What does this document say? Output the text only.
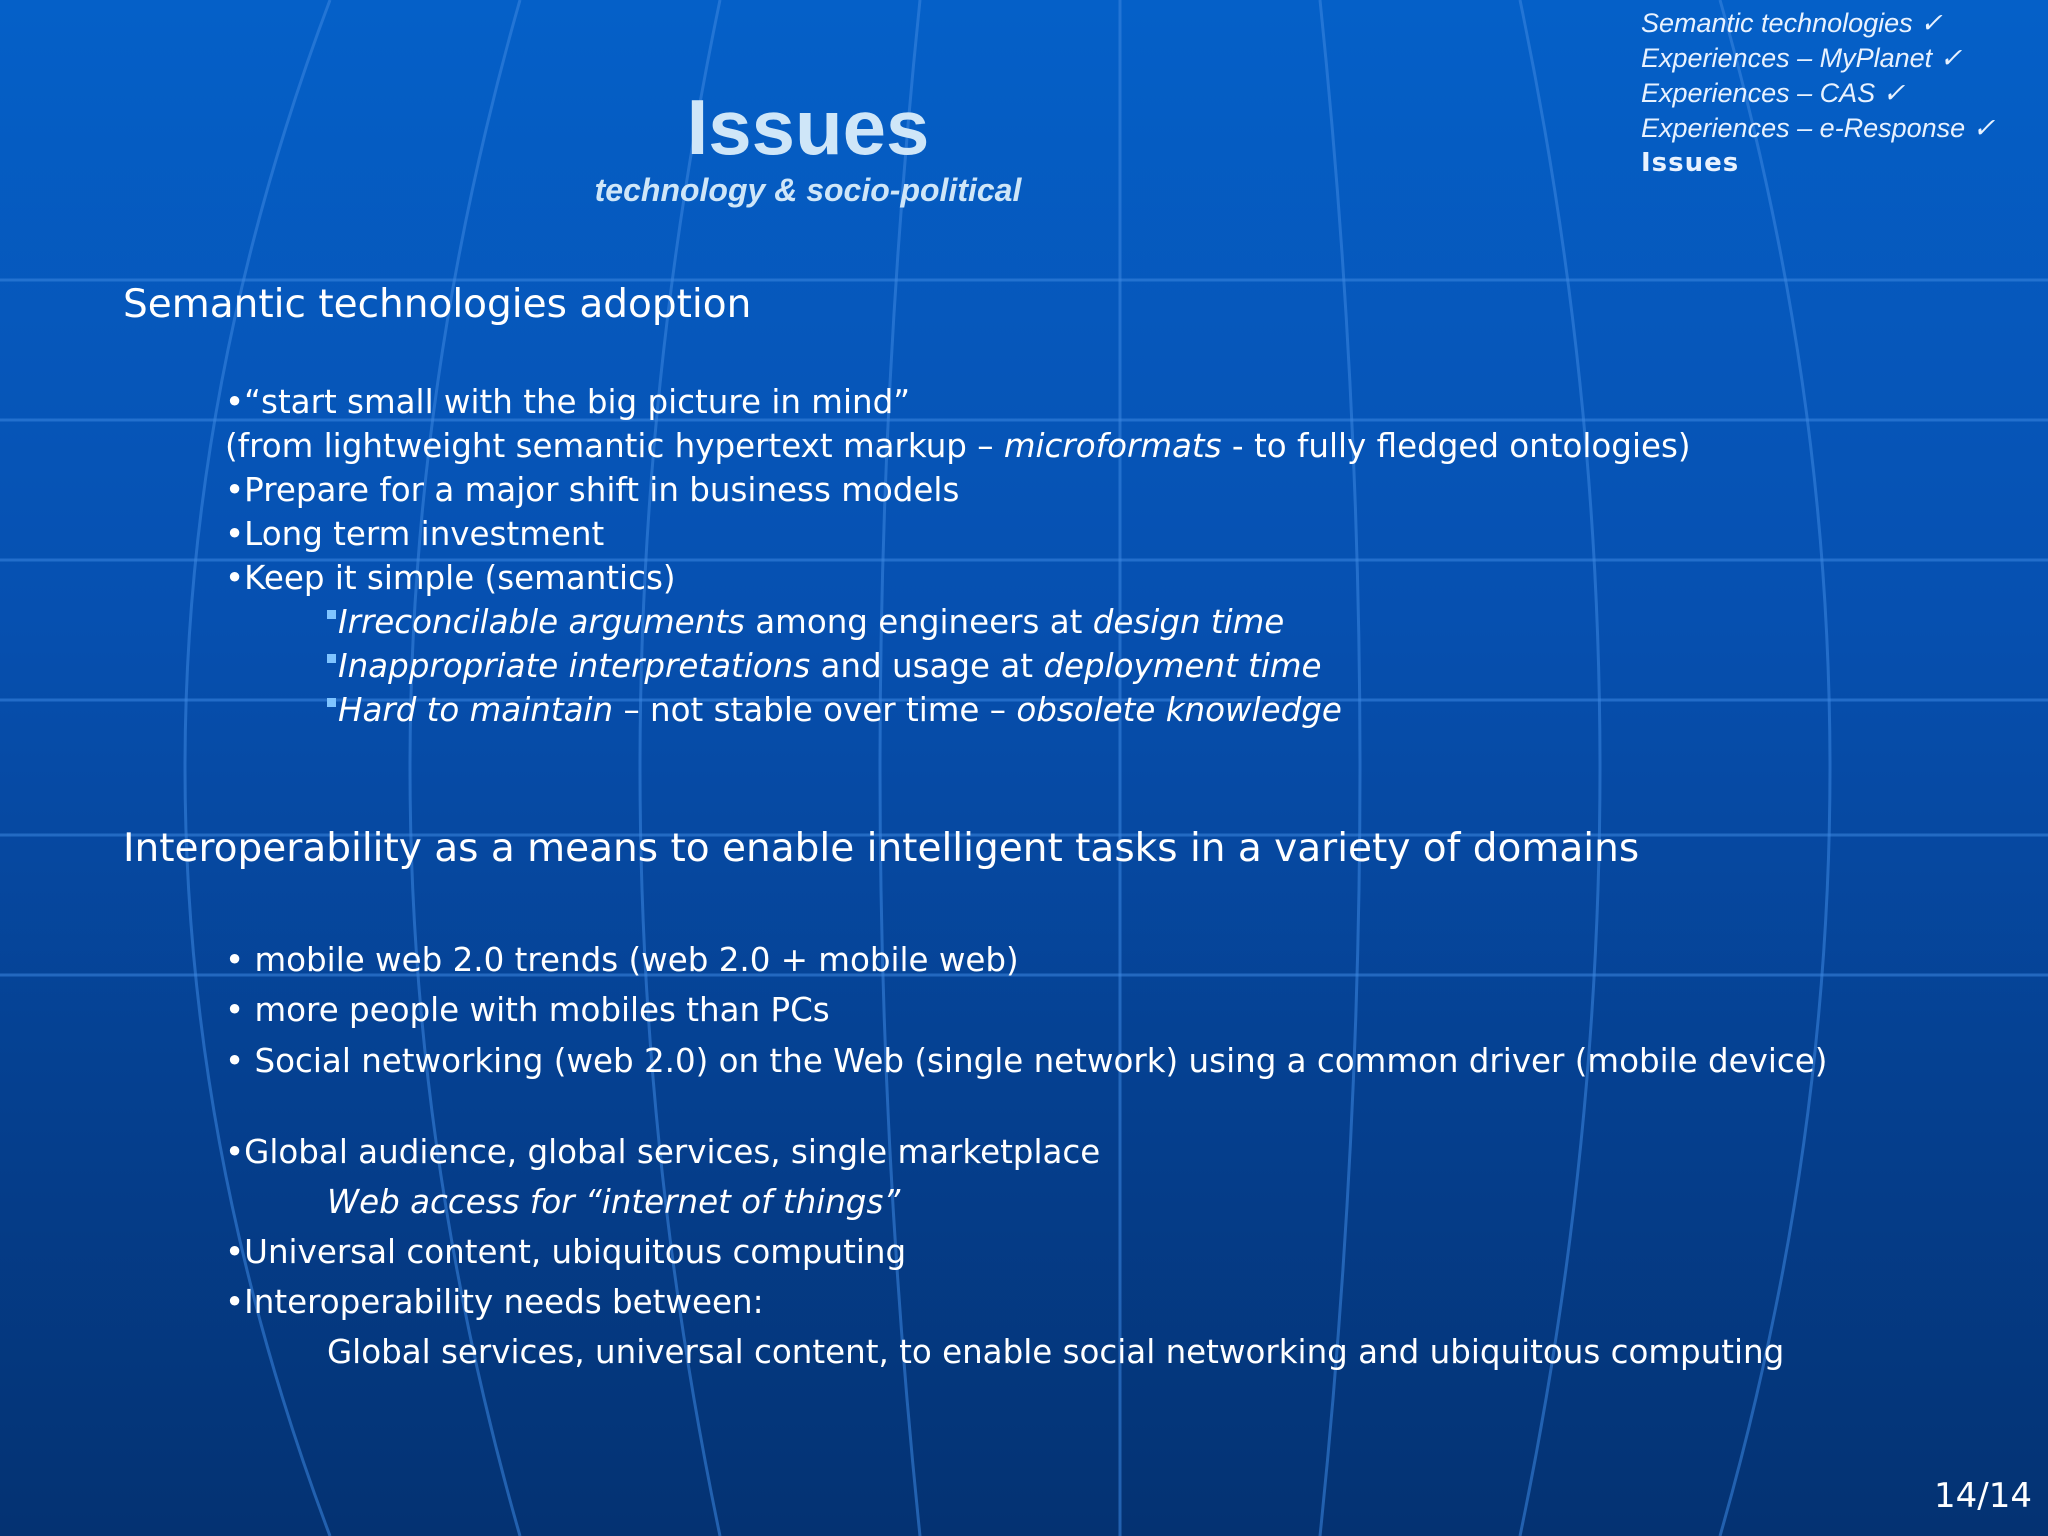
Issues
technology & socio-political
Semantic technologies ✓
Experiences – MyPlanet ✓
Experiences – CAS ✓
Experiences – e-Response ✓
Issues
Semantic technologies adoption
•“start small with the big picture in mind”
(from lightweight semantic hypertext markup – microformats - to fully fledged ontologies)
•Prepare for a major shift in business models
•Long term investment
•Keep it simple (semantics)
Irreconcilable arguments among engineers at design time
Inappropriate interpretations and usage at deployment time
Hard to maintain – not stable over time – obsolete knowledge
Interoperability as a means to enable intelligent tasks in a variety of domains
• mobile web 2.0 trends (web 2.0 + mobile web)
• more people with mobiles than PCs
• Social networking (web 2.0) on the Web (single network) using a common driver (mobile device)
•Global audience, global services, single marketplace
Web access for “internet of things”
•Universal content, ubiquitous computing
•Interoperability needs between:
Global services, universal content, to enable social networking and ubiquitous computing
14/14
